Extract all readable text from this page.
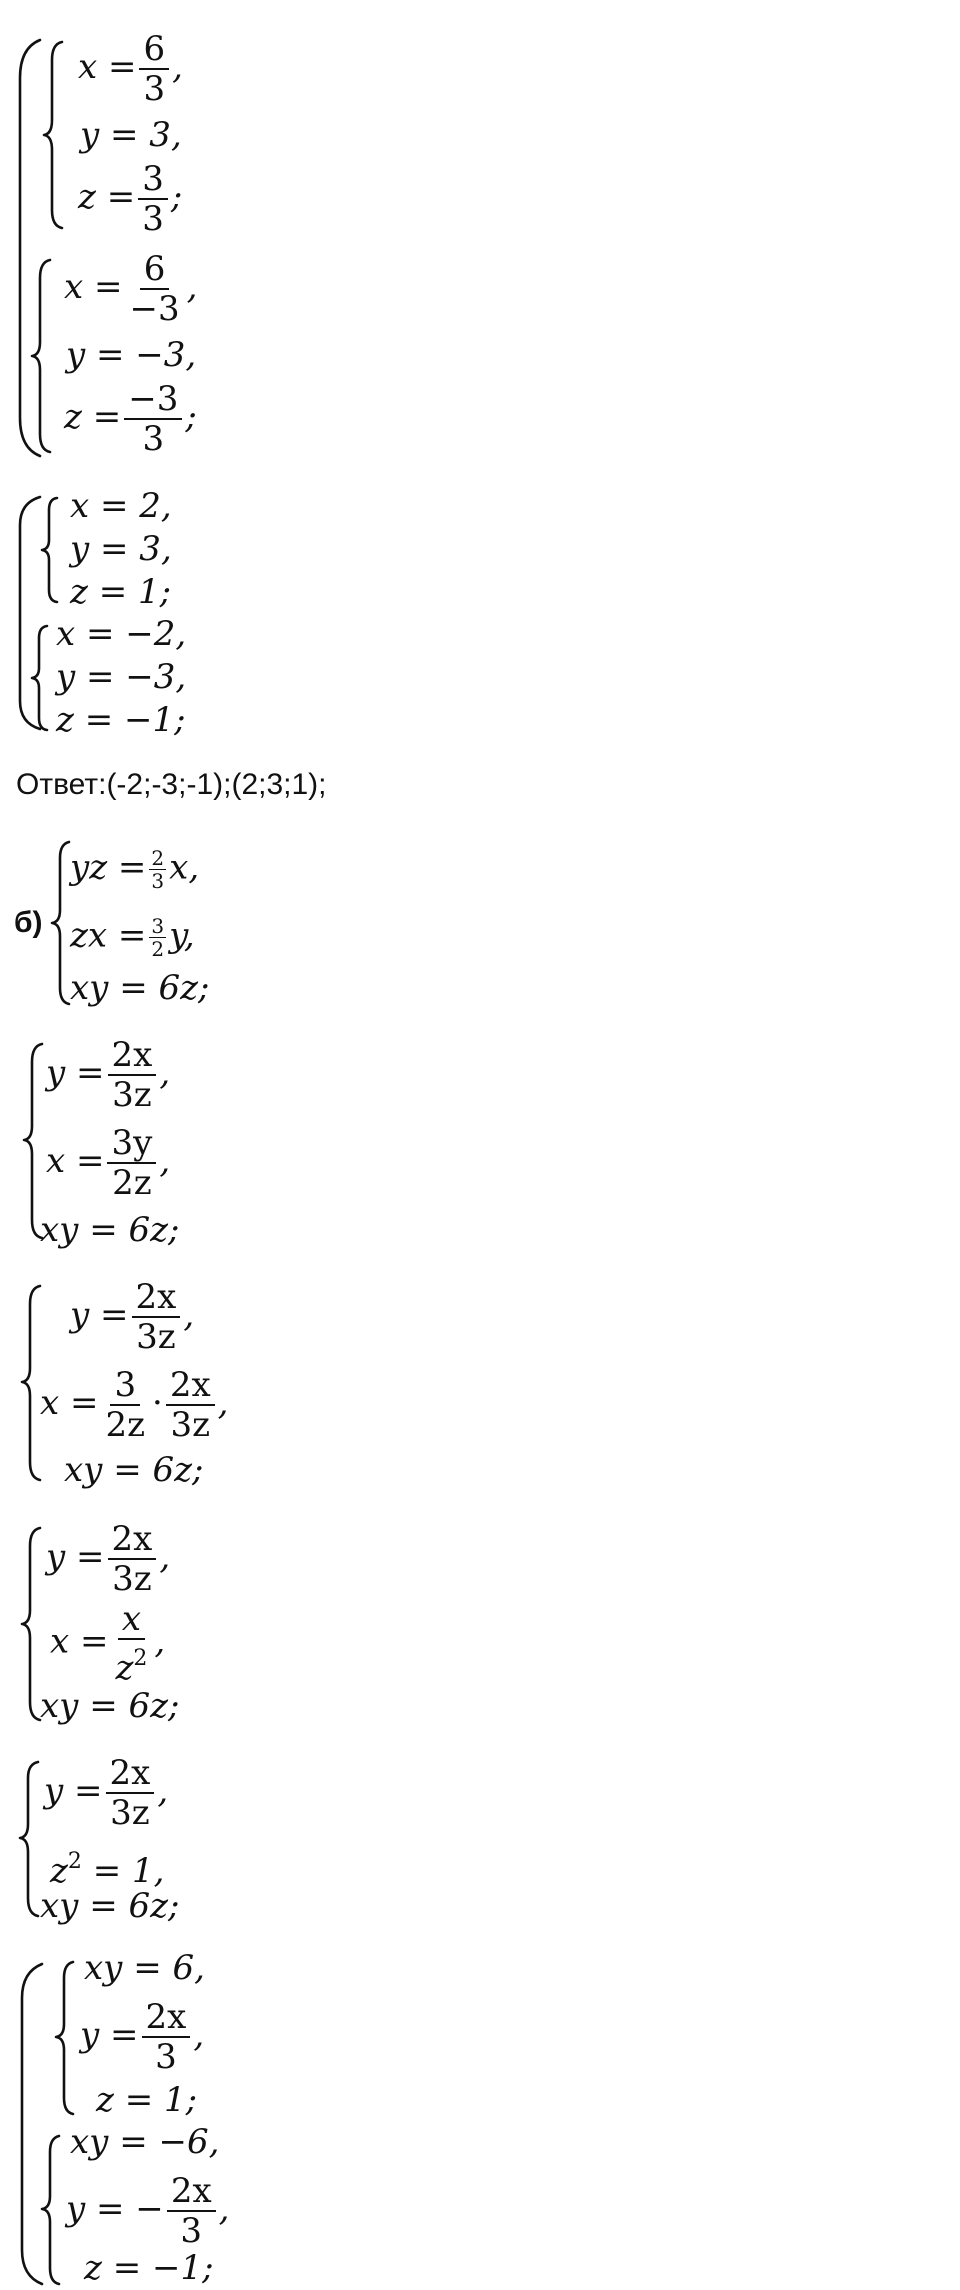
$x = \frac{6}{3}$ ,
y = 3,
$z = \frac{3}{3}$ ;
$x = \frac{6}{-3}$ ,
y = −3,
$z = \frac{-3}{3}$ ;
x = 2,
y = 3,
z = 1;
x = −2,
y = −3,
z = −1;
Ответ:(-2;-3;-1);(2;3;1);
б)
yz = $\frac{2}{3} x$,
zx = $\frac{3}{2} y$,
xy = 6z;
$y = \frac{2x}{3z}$ ,
$x = \frac{3y}{2z}$ ,
xy = 6z;
$y = \frac{2x}{3z}$ ,
$x = \frac{3}{2z} \cdot \frac{2x}{3z}$ ,
xy = 6z;
$y = \frac{2x}{3z}$ ,
$x = \frac{x}{z^2}$ ,
xy = 6z;
$y = \frac{2x}{3z}$ ,
$z^2 = 1$,
xy = 6z;
xy = 6,
$y = \frac{2x}{3}$ ,
z = 1;
xy = −6,
y = − $\frac{2x}{3}$ ,
z = −1;
